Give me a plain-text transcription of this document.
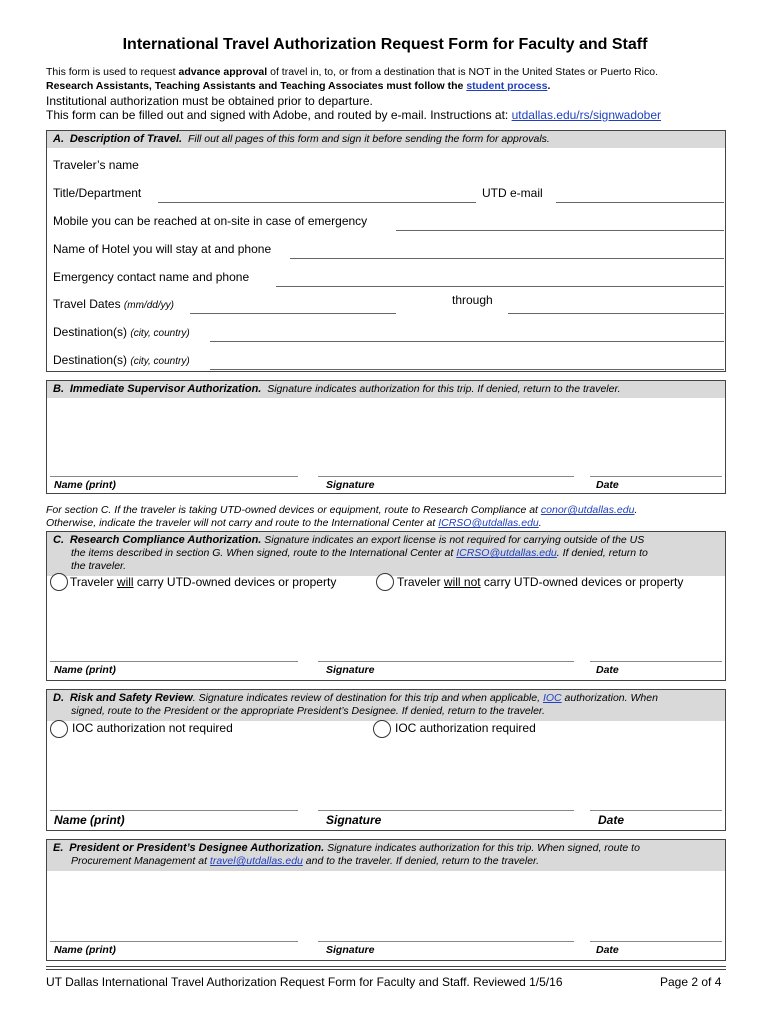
International Travel Authorization Request Form for Faculty and Staff
This form is used to request advance approval of travel in, to, or from a destination that is NOT in the United States or Puerto Rico.
Research Assistants, Teaching Assistants and Teaching Associates must follow the student process.
Institutional authorization must be obtained prior to departure.
This form can be filled out and signed with Adobe, and routed by e-mail. Instructions at: utdallas.edu/rs/signwadober
A. Description of Travel. Fill out all pages of this form and sign it before sending the form for approvals.
Traveler’s name
Title/Department	UTD e-mail
Mobile you can be reached at on-site in case of emergency
Name of Hotel you will stay at and phone
Emergency contact name and phone
Travel Dates (mm/dd/yy)	through
Destination(s) (city, country)
Destination(s) (city, country)
B. Immediate Supervisor Authorization. Signature indicates authorization for this trip. If denied, return to the traveler.
Name (print)	Signature	Date
For section C. If the traveler is taking UTD-owned devices or equipment, route to Research Compliance at conor@utdallas.edu.
Otherwise, indicate the traveler will not carry and route to the International Center at ICRSO@utdallas.edu.
C. Research Compliance Authorization. Signature indicates an export license is not required for carrying outside of the US
the items described in section G. When signed, route to the International Center at ICRSO@utdallas.edu. If denied, return to
the traveler.
Traveler will carry UTD-owned devices or property	Traveler will not carry UTD-owned devices or property
Name (print)	Signature	Date
D. Risk and Safety Review. Signature indicates review of destination for this trip and when applicable, IOC authorization. When
signed, route to the President or the appropriate President’s Designee. If denied, return to the traveler.
IOC authorization not required	IOC authorization required
Name (print)	Signature	Date
E. President or President’s Designee Authorization. Signature indicates authorization for this trip. When signed, route to
Procurement Management at travel@utdallas.edu and to the traveler. If denied, return to the traveler.
Name (print)	Signature	Date
UT Dallas International Travel Authorization Request Form for Faculty and Staff. Reviewed 1/5/16	Page 2 of 4
